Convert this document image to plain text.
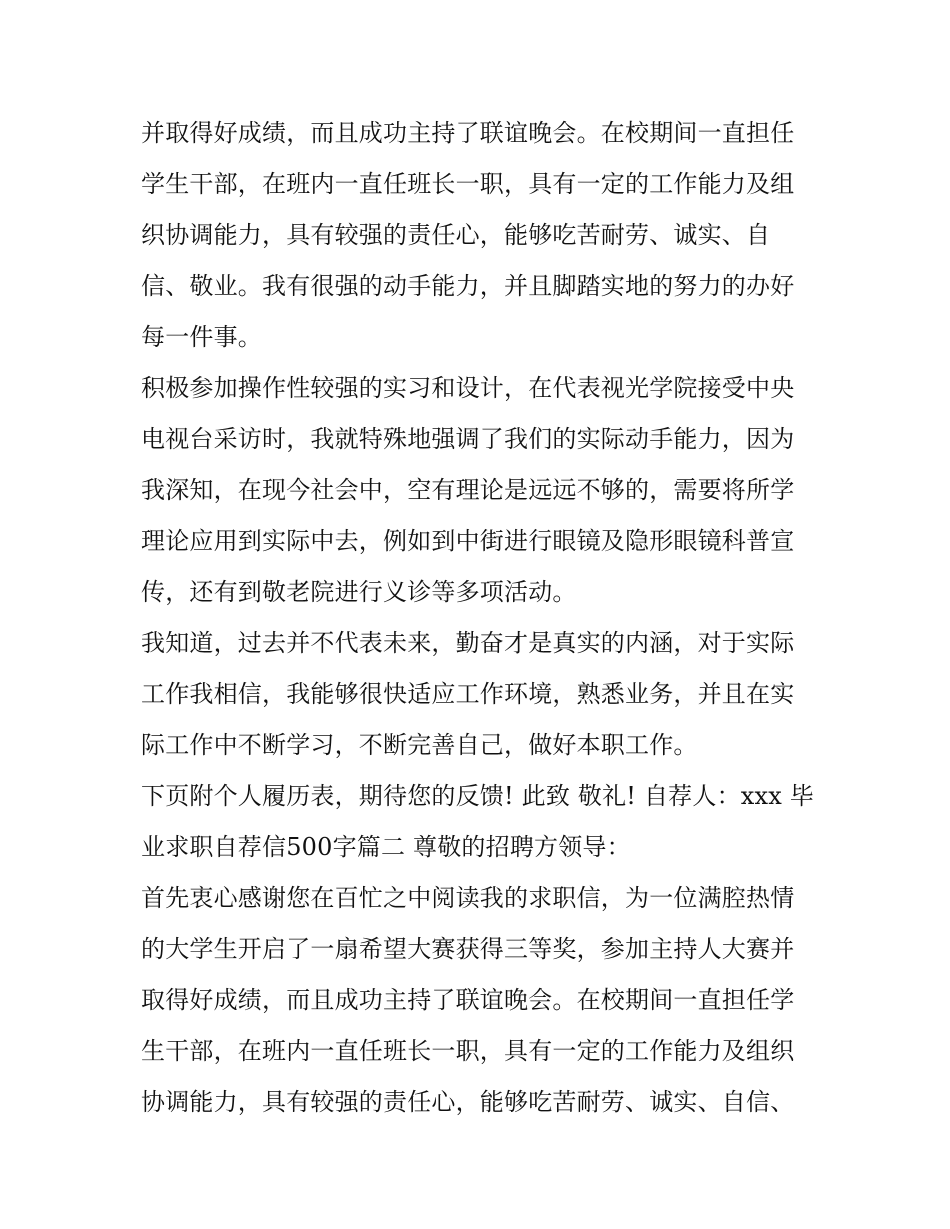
并取得好成绩，而且成功主持了联谊晚会。在校期间一直担任
学生干部，在班内一直任班长一职，具有一定的工作能力及组
织协调能力，具有较强的责任心，能够吃苦耐劳、诚实、自
信、敬业。我有很强的动手能力，并且脚踏实地的努力的办好
每一件事。
积极参加操作性较强的实习和设计，在代表视光学院接受中央
电视台采访时，我就特殊地强调了我们的实际动手能力，因为
我深知，在现今社会中，空有理论是远远不够的，需要将所学
理论应用到实际中去，例如到中街进行眼镜及隐形眼镜科普宣
传，还有到敬老院进行义诊等多项活动。
我知道，过去并不代表未来，勤奋才是真实的内涵，对于实际
工作我相信，我能够很快适应工作环境，熟悉业务，并且在实
际工作中不断学习，不断完善自己，做好本职工作。
下页附个人履历表，期待您的反馈! 此致 敬礼! 自荐人：xxx 毕
业求职自荐信500字篇二 尊敬的招聘方领导：
首先衷心感谢您在百忙之中阅读我的求职信，为一位满腔热情
的大学生开启了一扇希望大赛获得三等奖，参加主持人大赛并
取得好成绩，而且成功主持了联谊晚会。在校期间一直担任学
生干部，在班内一直任班长一职，具有一定的工作能力及组织
协调能力，具有较强的责任心，能够吃苦耐劳、诚实、自信、
